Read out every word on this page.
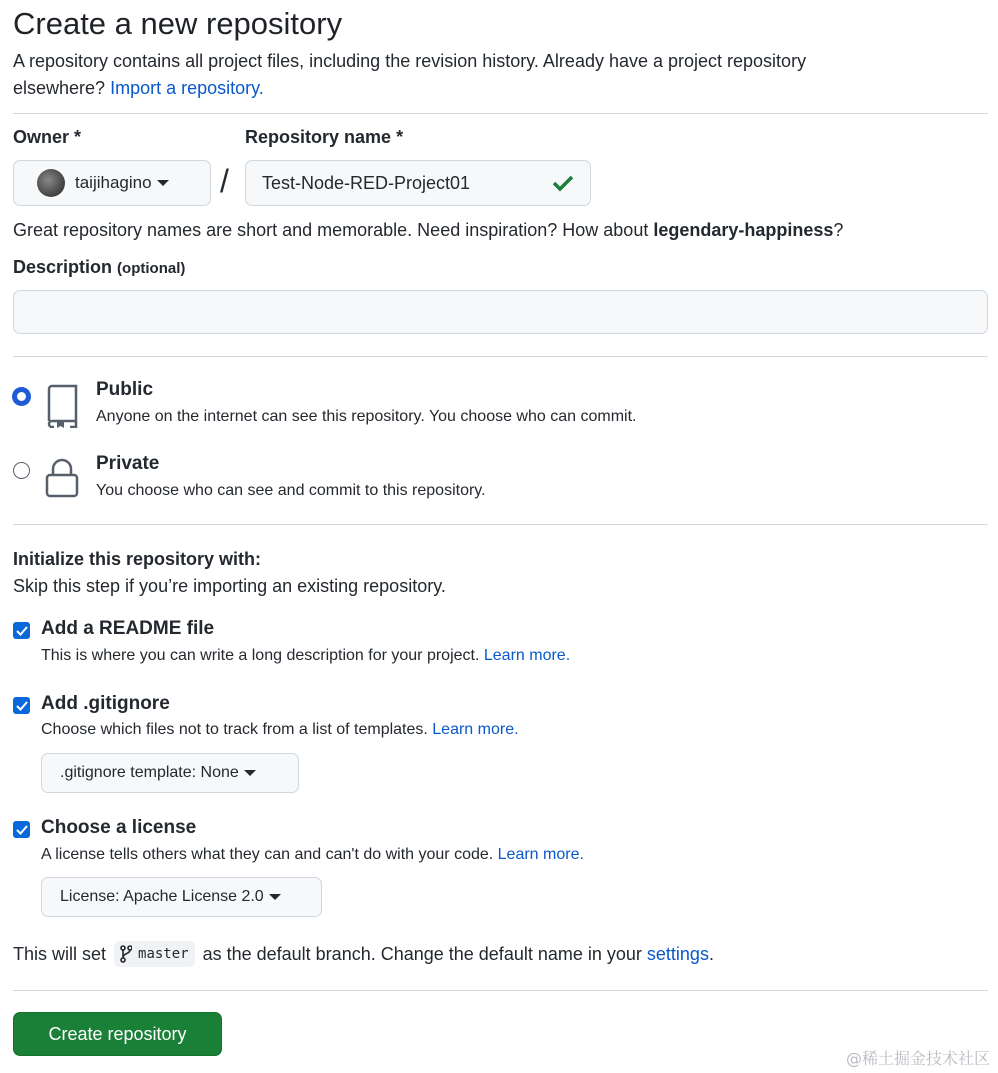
Create a new repository
A repository contains all project files, including the revision history. Already have a project repository
elsewhere? Import a repository.
Owner *	Repository name *
taijihagino / Test-Node-RED-Project01
Great repository names are short and memorable. Need inspiration? How about legendary-happiness?
Description (optional)
Public
Anyone on the internet can see this repository. You choose who can commit.
Private
You choose who can see and commit to this repository.
Initialize this repository with:
Skip this step if you’re importing an existing repository.
Add a README file
This is where you can write a long description for your project. Learn more.
Add .gitignore
Choose which files not to track from a list of templates. Learn more.
.gitignore template: None
Choose a license
A license tells others what they can and can't do with your code. Learn more.
License: Apache License 2.0
This will set master as the default branch. Change the default name in your
settings .
Create repository
@稀土掘金技术社区
